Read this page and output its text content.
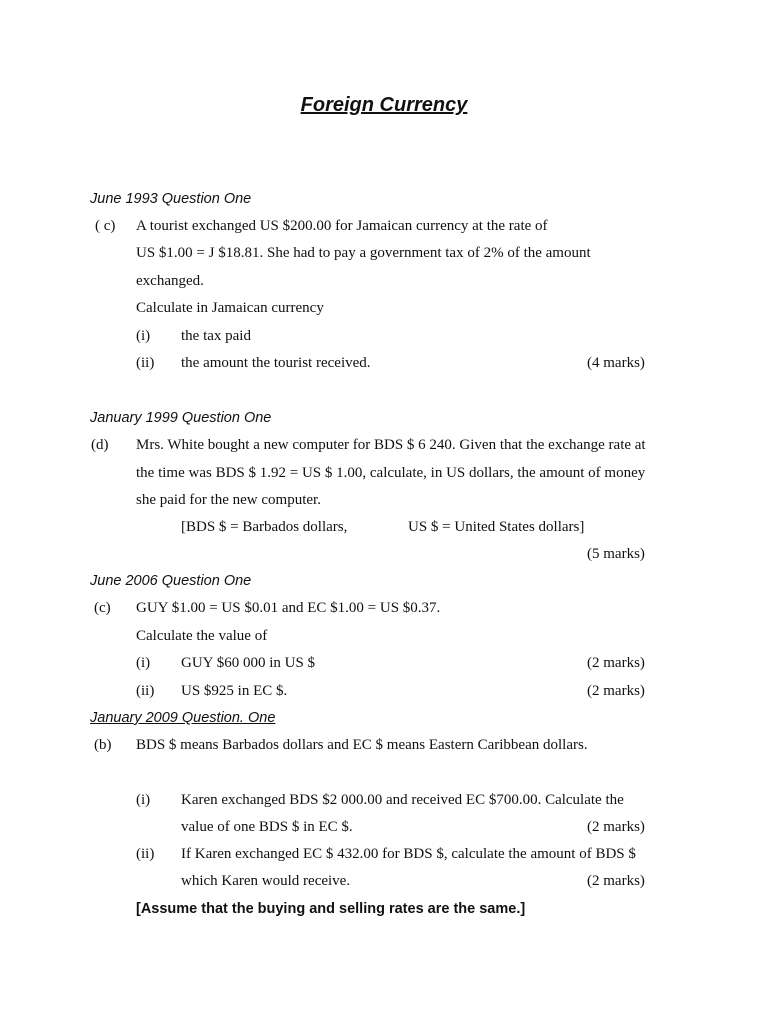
Foreign Currency
June 1993 Question One
( c) A tourist exchanged US $200.00 for Jamaican currency at the rate of
US $1.00 = J $18.81. She had to pay a government tax of 2% of the amount
exchanged.
Calculate in Jamaican currency
(i) the tax paid
(ii) the amount the tourist received.	(4 marks)
January 1999 Question One
(d) Mrs. White bought a new computer for BDS $ 6 240. Given that the exchange rate at
the time was BDS $ 1.92 = US $ 1.00, calculate, in US dollars, the amount of money
she paid for the new computer.
[BDS $ = Barbados dollars,	US $ = United States dollars]
(5 marks)
June 2006 Question One
(c) GUY $1.00 = US $0.01 and EC $1.00 = US $0.37.
Calculate the value of
(i) GUY $60 000 in US $	(2 marks)
(ii) US $925 in EC $.	(2 marks)
January 2009 Question. One
(b) BDS $ means Barbados dollars and EC $ means Eastern Caribbean dollars.
(i) Karen exchanged BDS $2 000.00 and received EC $700.00. Calculate the
value of one BDS $ in EC $.	(2 marks)
(ii) If Karen exchanged EC $ 432.00 for BDS $, calculate the amount of BDS $
which Karen would receive.	(2 marks)
[Assume that the buying and selling rates are the same.]
